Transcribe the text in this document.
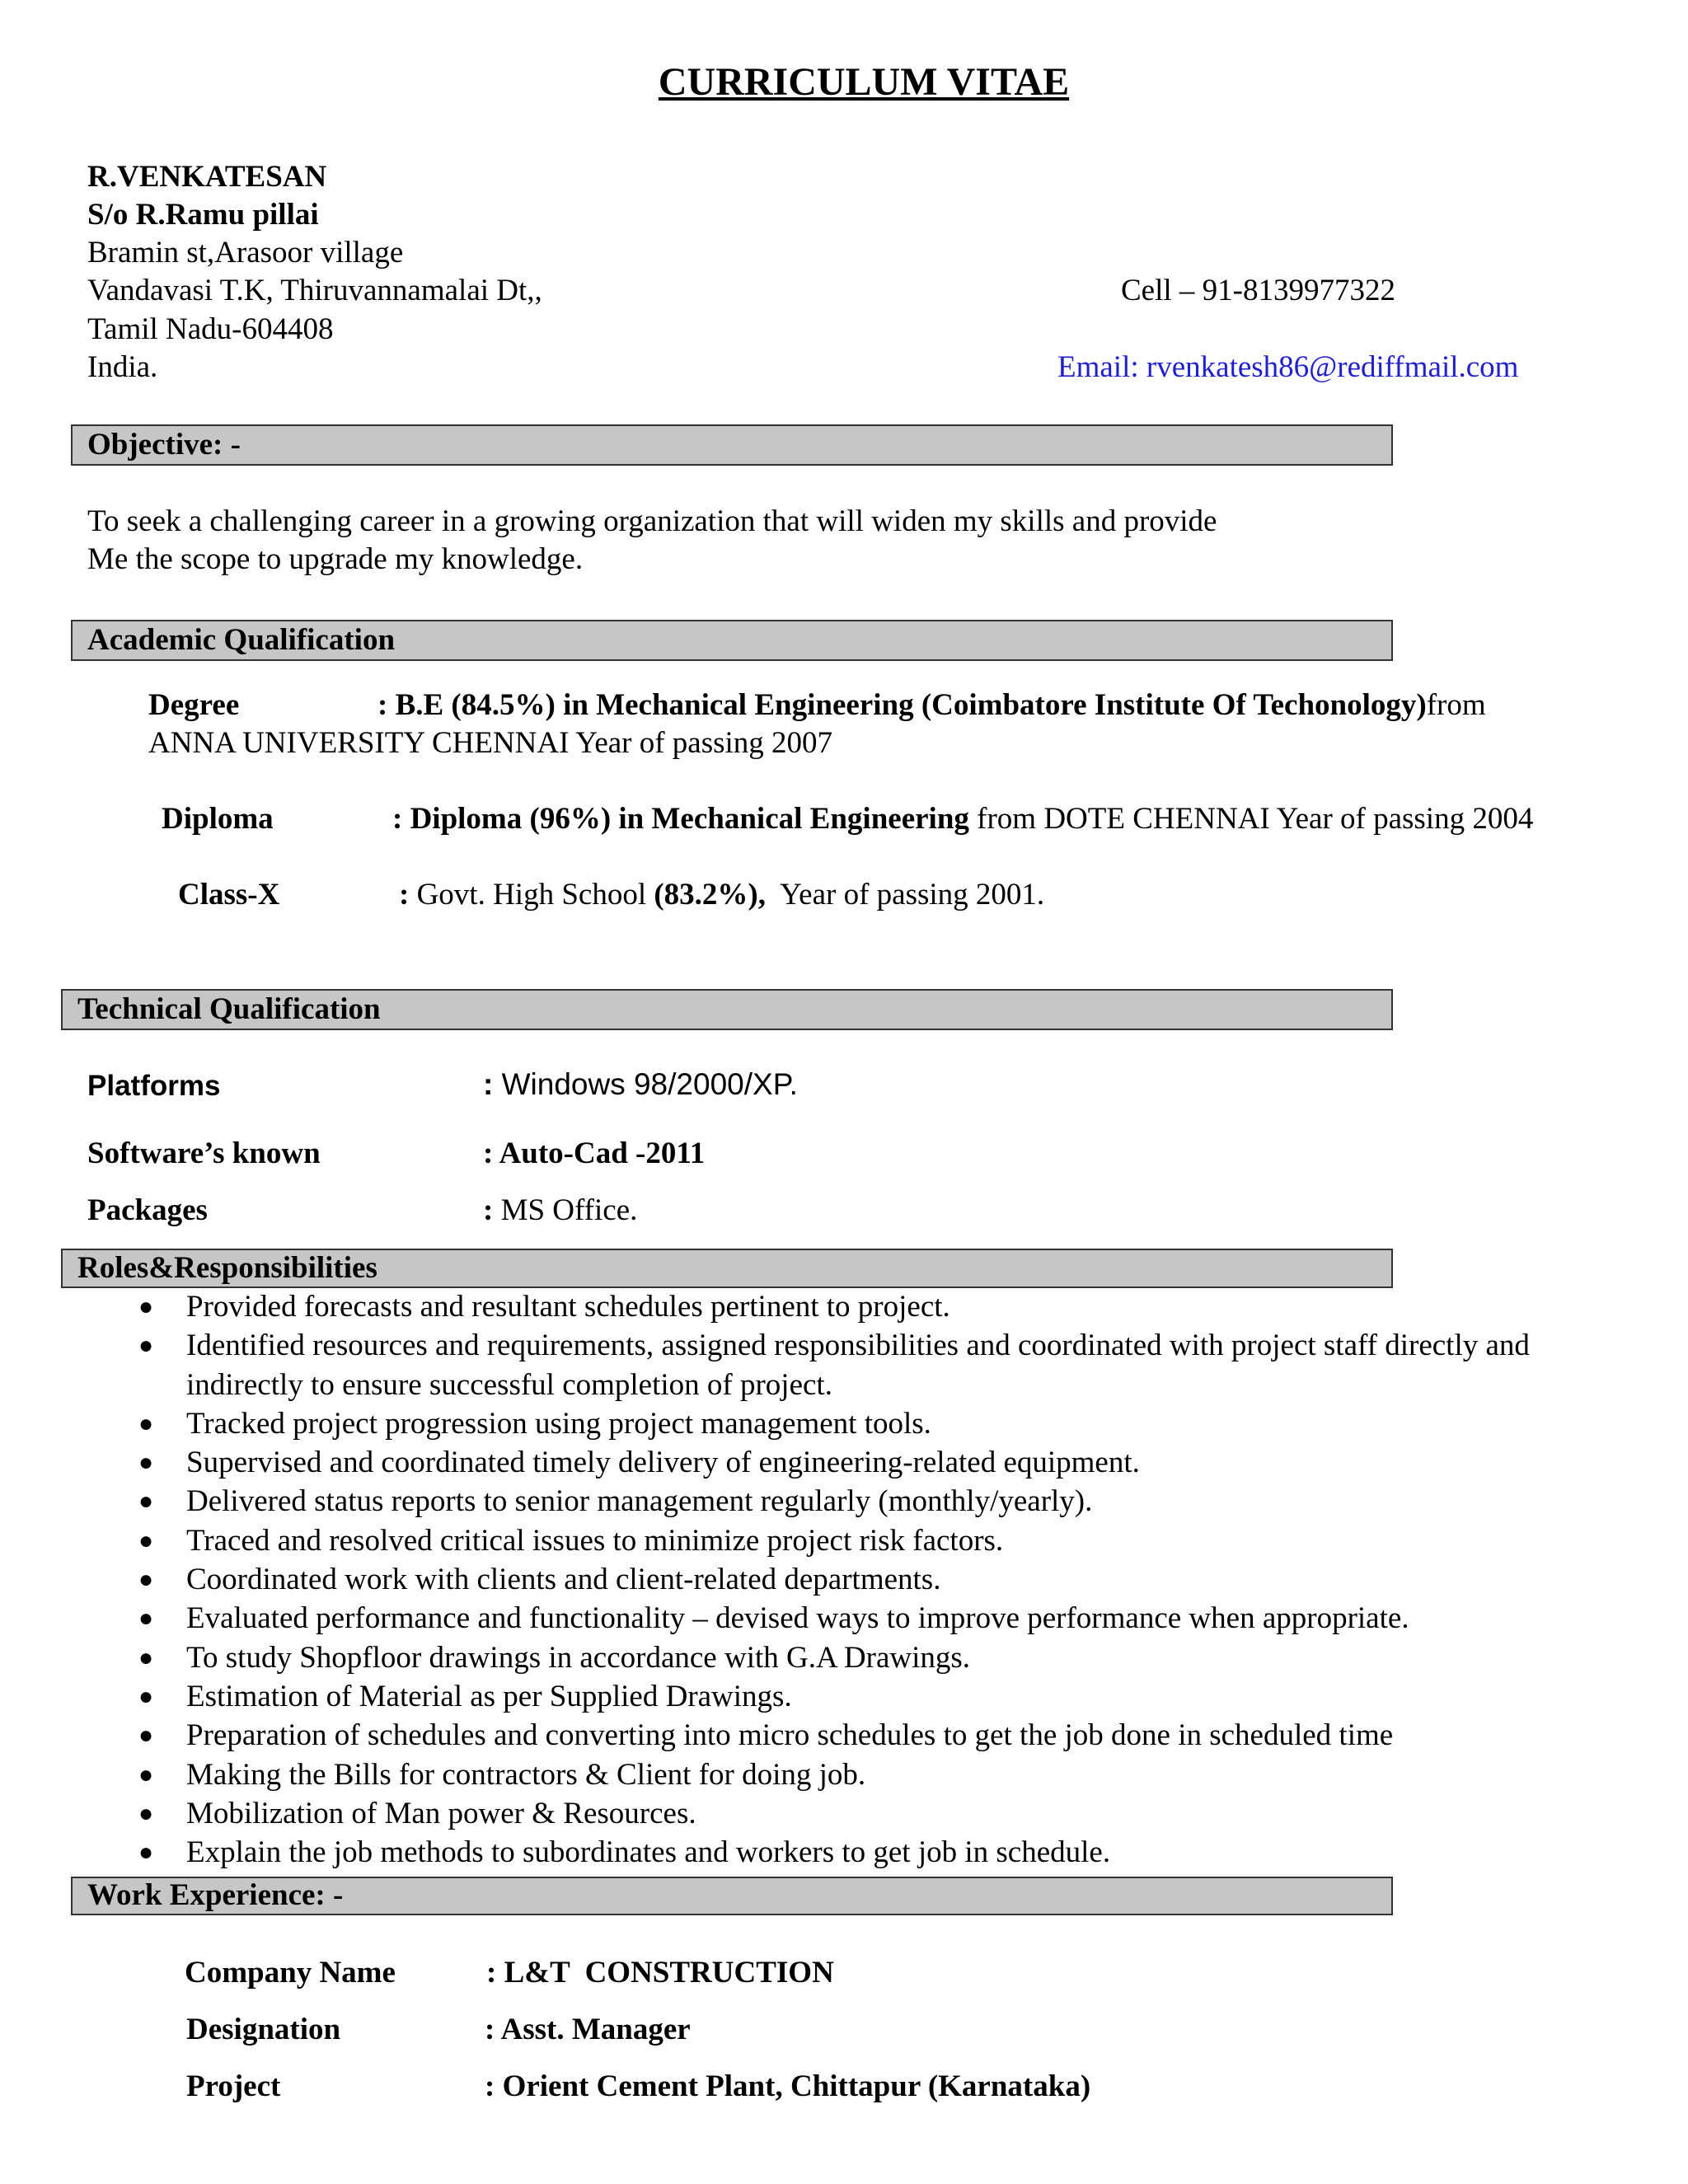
CURRICULUM VITAE
R.VENKATESAN
S/o R.Ramu pillai
Bramin st,Arasoor village
Vandavasi T.K, Thiruvannamalai Dt,,
Tamil Nadu-604408
India.
Cell – 91-8139977322
Email: rvenkatesh86@rediffmail.com
Objective: -
To seek a challenging career in a growing organization that will widen my skills and provide
Me the scope to upgrade my knowledge.
Academic Qualification
Degree	: B.E (84.5%) in Mechanical Engineering (Coimbatore Institute Of Techonology)from
ANNA UNIVERSITY CHENNAI Year of passing 2007
Diploma	: Diploma (96%) in Mechanical Engineering from DOTE CHENNAI Year of passing 2004
Class-X	: Govt. High School (83.2%),  Year of passing 2001.
Technical Qualification
Platforms	: Windows 98/2000/XP.
Software’s known	: Auto-Cad -2011
Packages	: MS Office.
Roles&Responsibilities
● Provided forecasts and resultant schedules pertinent to project.
● Identified resources and requirements, assigned responsibilities and coordinated with project staff directly and indirectly to ensure successful completion of project.
● Tracked project progression using project management tools.
● Supervised and coordinated timely delivery of engineering-related equipment.
● Delivered status reports to senior management regularly (monthly/yearly).
● Traced and resolved critical issues to minimize project risk factors.
● Coordinated work with clients and client-related departments.
● Evaluated performance and functionality – devised ways to improve performance when appropriate.
● To study Shopfloor drawings in accordance with G.A Drawings.
● Estimation of Material as per Supplied Drawings.
● Preparation of schedules and converting into micro schedules to get the job done in scheduled time
● Making the Bills for contractors & Client for doing job.
● Mobilization of Man power & Resources.
● Explain the job methods to subordinates and workers to get job in schedule.
Work Experience: -
Company Name	: L&T  CONSTRUCTION
Designation	: Asst. Manager
Project	: Orient Cement Plant, Chittapur (Karnataka)
